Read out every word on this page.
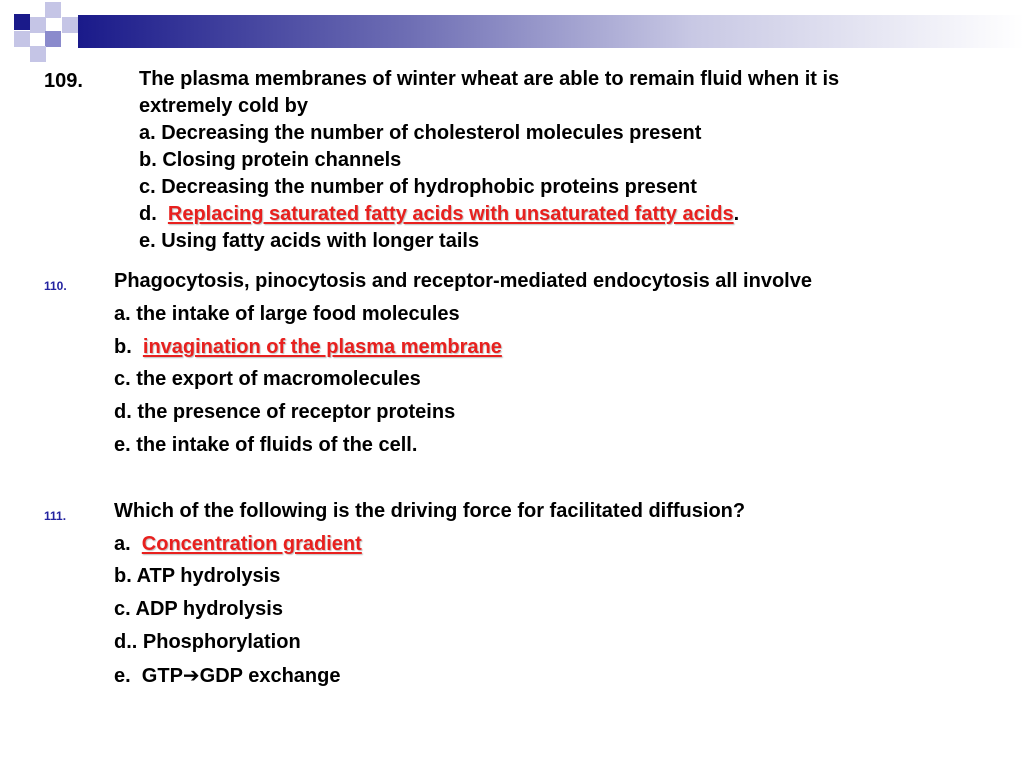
109.	The plasma membranes of winter wheat are able to remain fluid when it is
extremely cold by
a. Decreasing the number of cholesterol molecules present
b. Closing protein channels
c. Decreasing the number of hydrophobic proteins present
d.  Replacing saturated fatty acids with unsaturated fatty acids.
e. Using fatty acids with longer tails
110. Phagocytosis, pinocytosis and receptor-mediated endocytosis all involve
a. the intake of large food molecules
b.  invagination of the plasma membrane
c. the export of macromolecules
d. the presence of receptor proteins
e. the intake of fluids of the cell.
111. Which of the following is the driving force for facilitated diffusion?
a.  Concentration gradient
b. ATP hydrolysis
c. ADP hydrolysis
d.. Phosphorylation
e.  GTP➔GDP exchange
